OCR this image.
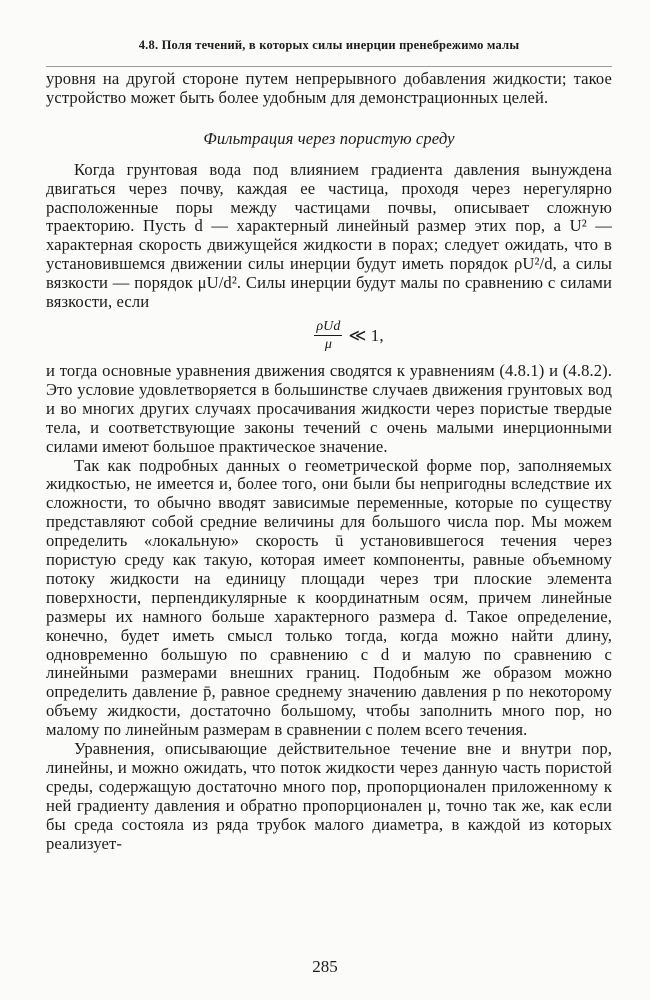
4.8. Поля течений, в которых силы инерции пренебрежимо малы

уровня на другой стороне путем непрерывного добавления жидкости; такое устройство может быть более удобным для демонстрационных целей.

Фильтрация через пористую среду

Когда грунтовая вода под влиянием градиента давления вынуждена двигаться через почву, каждая ее частица, проходя через нерегулярно расположенные поры между частицами почвы, описывает сложную траекторию. Пусть d — характерный линейный размер этих пор, а U² — характерная скорость движущейся жидкости в порах; следует ожидать, что в установившемся движении силы инерции будут иметь порядок ρU²/d, а силы вязкости — порядок μU/d². Силы инерции будут малы по сравнению с силами вязкости, если

$\frac{\text{ρUd}}{\mu}$ ≪ 1,

и тогда основные уравнения движения сводятся к уравнениям (4.8.1) и (4.8.2). Это условие удовлетворяется в большинстве случаев движения грунтовых вод и во многих других случаях просачивания жидкости через пористые твердые тела, и соответствующие законы течений с очень малыми инерционными силами имеют большое практическое значение.

Так как подробных данных о геометрической форме пор, заполняемых жидкостью, не имеется и, более того, они были бы непригодны вследствие их сложности, то обычно вводят зависимые переменные, которые по существу представляют собой средние величины для большого числа пор. Мы можем определить «локальную» скорость ū установившегося течения через пористую среду как такую, которая имеет компоненты, равные объемному потоку жидкости на единицу площади через три плоские элемента поверхности, перпендикулярные к координатным осям, причем линейные размеры их намного больше характерного размера d. Такое определение, конечно, будет иметь смысл только тогда, когда можно найти длину, одновременно большую по сравнению с d и малую по сравнению с линейными размерами внешних границ. Подобным же образом можно определить давление p̄, равное среднему значению давления p по некоторому объему жидкости, достаточно большому, чтобы заполнить много пор, но малому по линейным размерам в сравнении с полем всего течения.

Уравнения, описывающие действительное течение вне и внутри пор, линейны, и можно ожидать, что поток жидкости через данную часть пористой среды, содержащую достаточно много пор, пропорционален приложенному к ней градиенту давления и обратно пропорционален μ, точно так же, как если бы среда состояла из ряда трубок малого диаметра, в каждой из которых реализует-

285
